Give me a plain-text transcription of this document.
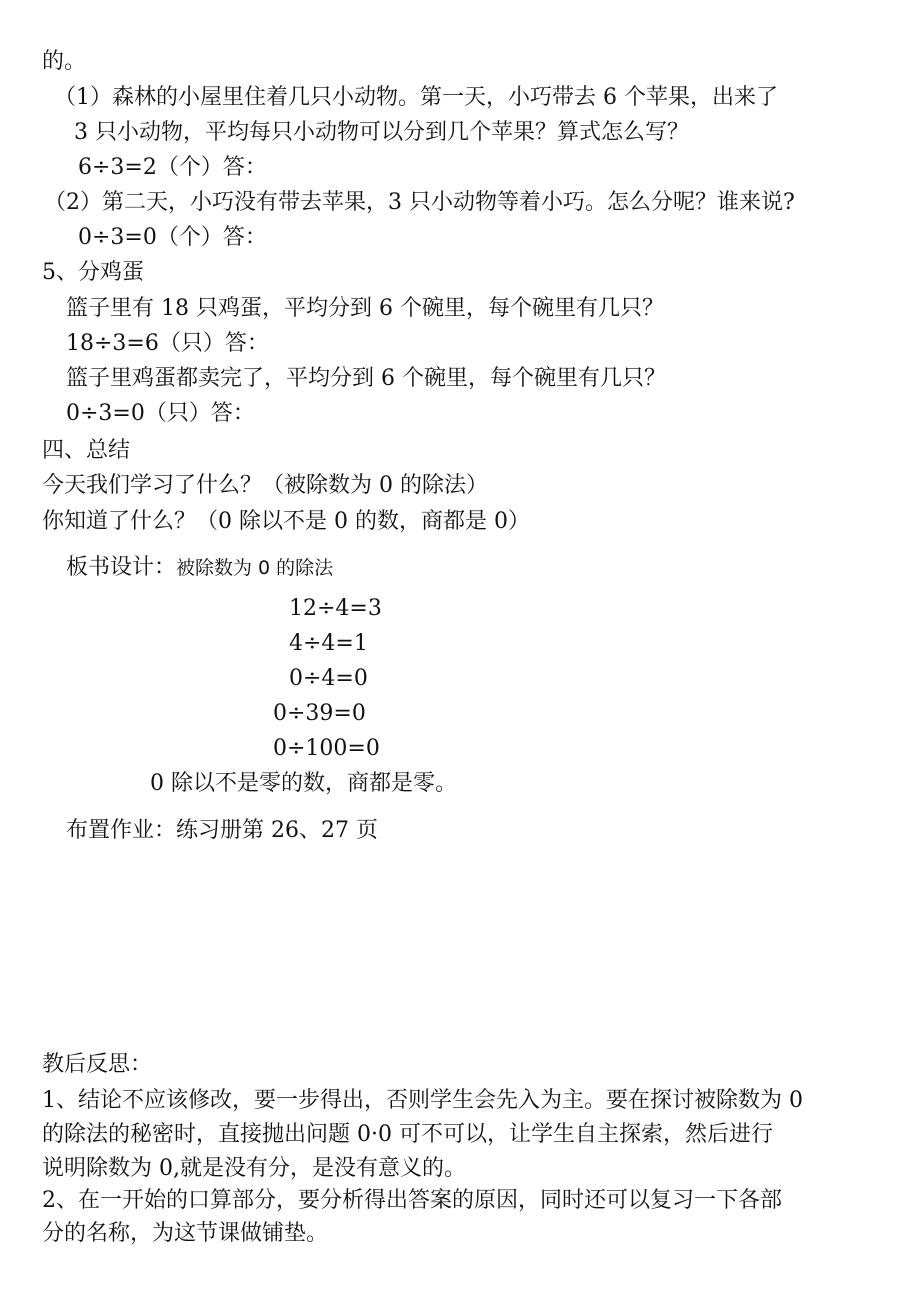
的。
（1）森林的小屋里住着几只小动物。第一天，小巧带去 6 个苹果，出来了
3 只小动物，平均每只小动物可以分到几个苹果？算式怎么写？
6÷3=2（个）答：
（2）第二天，小巧没有带去苹果，3 只小动物等着小巧。怎么分呢？谁来说?
0÷3=0（个）答：
5、分鸡蛋
篮子里有 18 只鸡蛋，平均分到 6 个碗里，每个碗里有几只？
18÷3=6（只）答：
篮子里鸡蛋都卖完了，平均分到 6 个碗里，每个碗里有几只？
0÷3=0（只）答：
四、总结
今天我们学习了什么？（被除数为 0 的除法）
你知道了什么？（0 除以不是 0 的数，商都是 0）
板书设计：被除数为 0 的除法
12÷4=3
4÷4=1
0÷4=0
0÷39=0
0÷100=0
0 除以不是零的数，商都是零。
布置作业：练习册第 26、27 页
教后反思：
1、结论不应该修改，要一步得出，否则学生会先入为主。要在探讨被除数为 0
的除法的秘密时，直接抛出问题 0·0 可不可以，让学生自主探索，然后进行
说明除数为 0,就是没有分，是没有意义的。
2、在一开始的口算部分，要分析得出答案的原因，同时还可以复习一下各部
分的名称，为这节课做铺垫。
